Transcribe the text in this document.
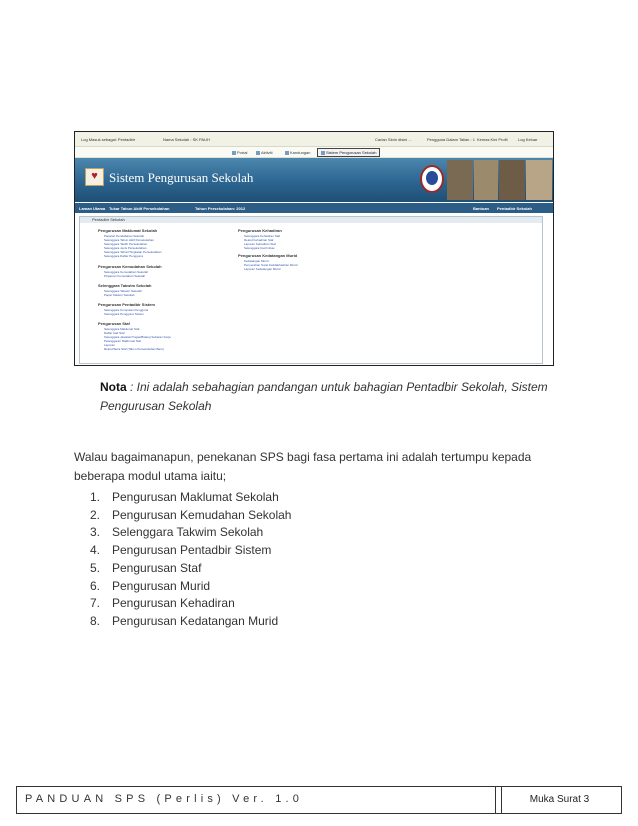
Log Masuk sebagai: Pentadbir	Nama Sekolah : SK PAUH	Carian Skrin disini ...	Pengguna Dalam Talian : 1 Kemas Kini Profil	Log Keluar
Portal	Aktiviti	Kandungan	Sistem Pengurusan Sekolah
♥ Sistem Pengurusan Sekolah
Laman Utama Tukar Tahun Aktif Persekolahan	Tahun Persekolahan: 2012	Bantuan Pentadbir Sekolah
Pentadbir Sekolah
Pengurusan Maklumat Sekolah
Paparan Pendaftaran Sekolah
Selenggara Tahun Aktif Persekolahan
Selenggara Tarikh Persekolahan
Selenggara Jenis Persekolahan
Selenggara Tahun/Tingkatan Persekolahan
Selenggara Daftar Pengguna
Pengurusan Kemudahan Sekolah
Selenggara Kemudahan Sekolah
Pinjaman Kemudahan Sekolah
Selenggara Takwim Sekolah
Selenggara Takwim Sekolah
Papar Takwim Sekolah
Pengurusan Pentadbir Sistem
Selenggara Kumpulan Pengguna
Selenggara Pengguna Sistem
Pengurusan Staf
Selenggara Maklumat Staf
Daftar Kad Staf
Selenggara Jawatan/Tugas/Bidang Sebaran Kerja
Pelanggaran Maklumat Staf
Laporan
Rekod Beza Staf (Tahun Persekolahan Baru)
Pengurusan Kehadiran
Selenggara Kehadiran Staf
Rekod Kehadiran Staf
Laporan Kehadiran Staf
Selenggara Kad Imbas
Pengurusan Kedatangan Murid
Kedatangan Murid
Penyerahan Surat Ketidakhadiran Murid
Laporan Kedatangan Murid
Nota : Ini adalah sebahagian pandangan untuk bahagian Pentadbir Sekolah, Sistem Pengurusan Sekolah
Walau bagaimanapun, penekanan SPS bagi fasa pertama ini adalah tertumpu kepada beberapa modul utama iaitu;
1. Pengurusan Maklumat Sekolah
2. Pengurusan Kemudahan Sekolah
3. Selenggara Takwim Sekolah
4. Pengurusan Pentadbir Sistem
5. Pengurusan Staf
6. Pengurusan Murid
7. Pengurusan Kehadiran
8. Pengurusan Kedatangan Murid
PANDUAN SPS (Perlis) Ver. 1.0	Muka Surat 3
